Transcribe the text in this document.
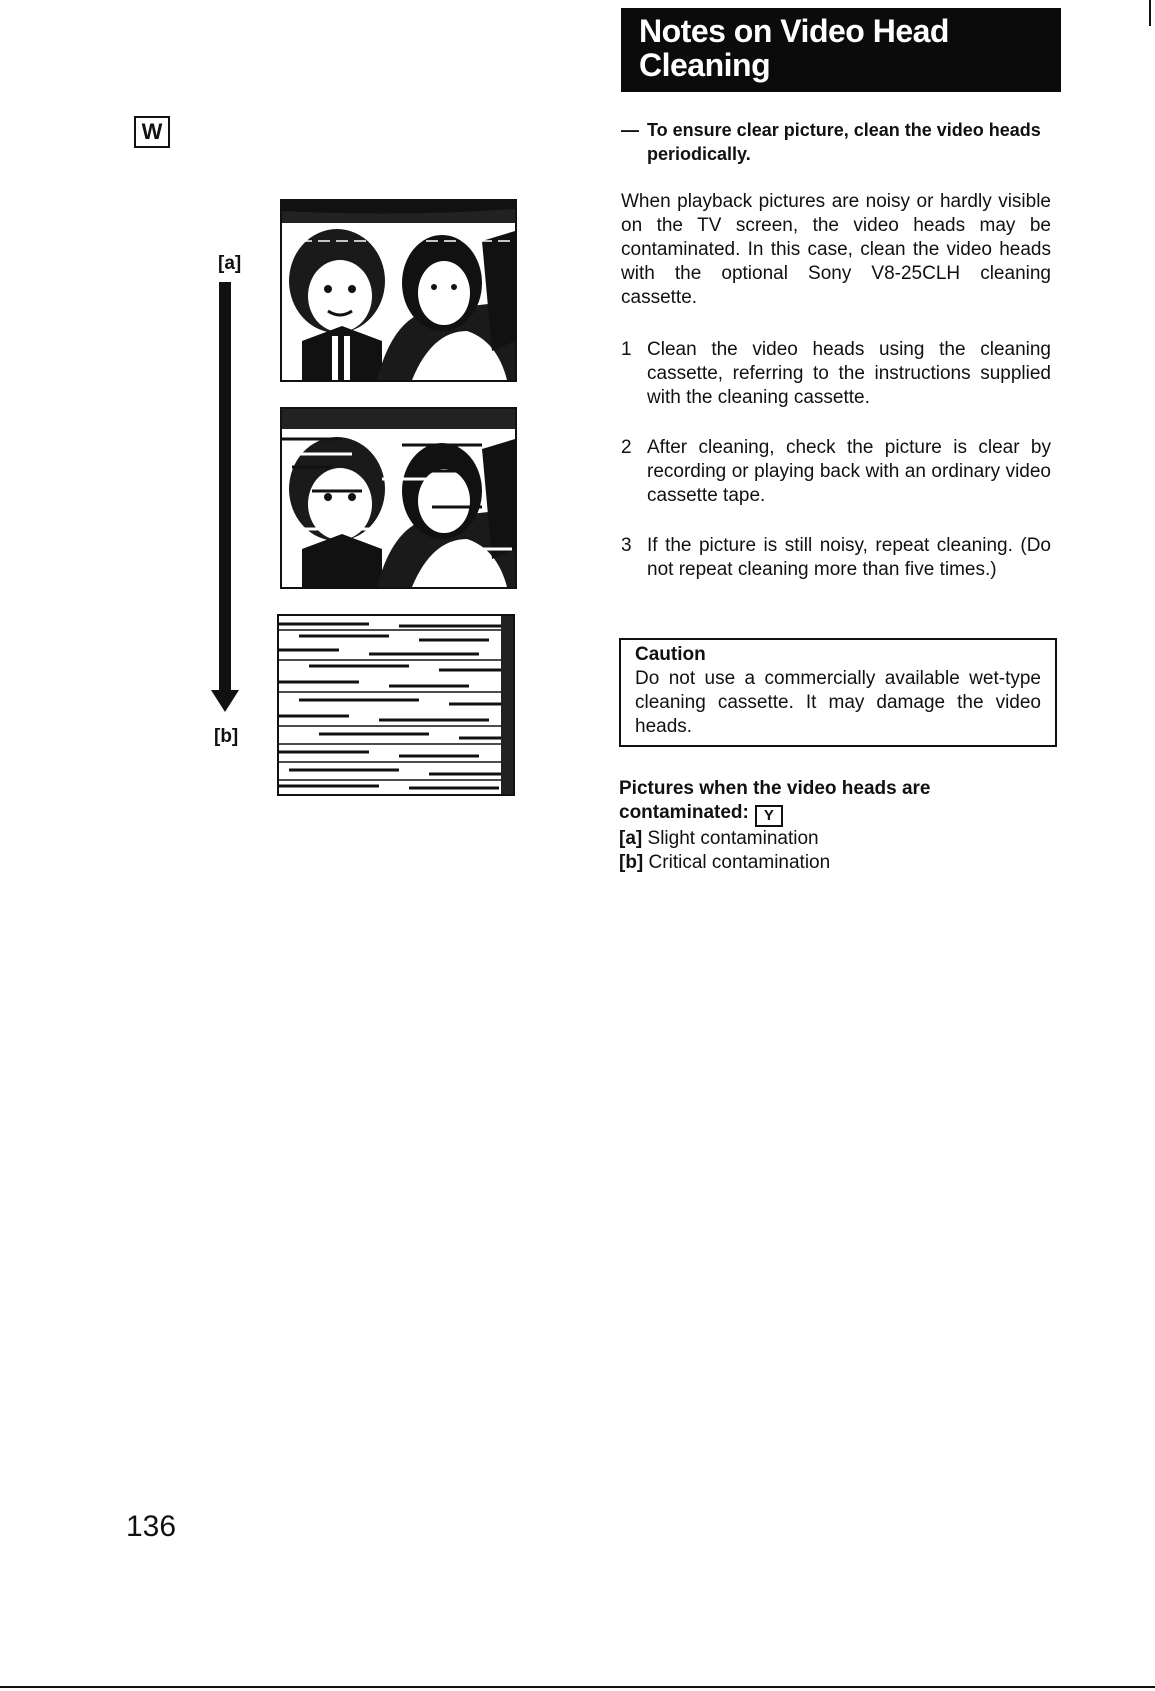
W
[a]
[b]
Notes on Video Head
Cleaning
— To ensure clear picture, clean the video heads periodically.

When playback pictures are noisy or hardly visible on the TV screen, the video heads may be contaminated. In this case, clean the video heads with the optional Sony V8-25CLH cleaning cassette.

1 Clean the video heads using the cleaning cassette, referring to the instructions supplied with the cleaning cassette.
2 After cleaning, check the picture is clear by recording or playing back with an ordinary video cassette tape.
3 If the picture is still noisy, repeat cleaning. (Do not repeat cleaning more than five times.)
Caution
Do not use a commercially available wet-type cleaning cassette. It may damage the video heads.
Pictures when the video heads are contaminated: Y
[a] Slight contamination
[b] Critical contamination
136
